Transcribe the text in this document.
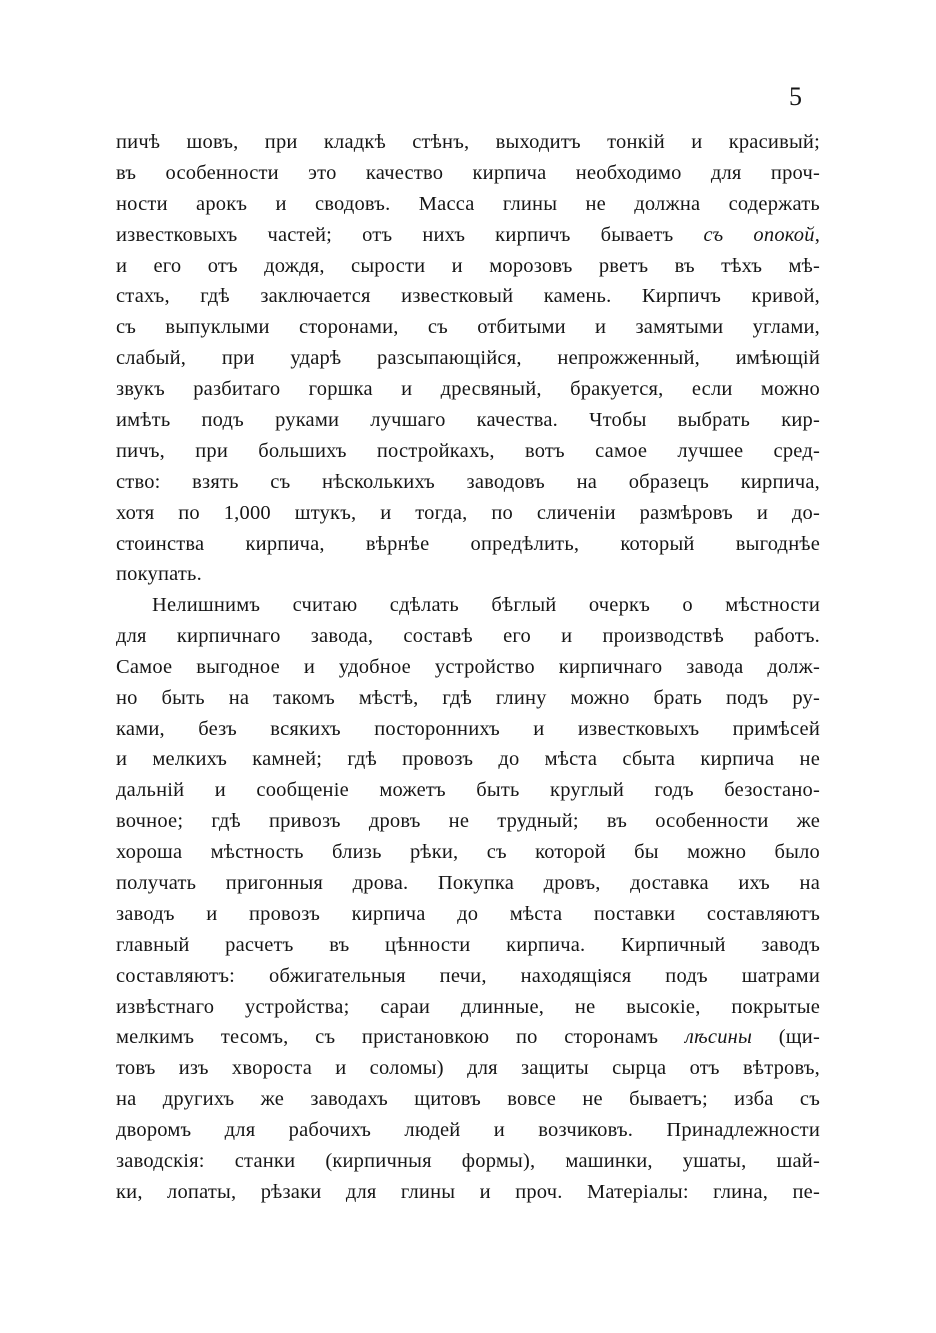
5
пичѣ шовъ, при кладкѣ стѣнъ, выходитъ тонкій и красивый;
въ особенности это качество кирпича необходимо для проч-
ности арокъ и сводовъ. Масса глины не должна содержать
известковыхъ частей; отъ нихъ кирпичъ бываетъ съ опокой,
и его отъ дождя, сырости и морозовъ рветъ въ тѣхъ мѣ-
стахъ, гдѣ заключается известковый камень. Кирпичъ кривой,
съ выпуклыми сторонами, съ отбитыми и замятыми углами,
слабый, при ударѣ разсыпающійся, непрожженный, имѣющій
звукъ разбитаго горшка и дресвяный, бракуется, если можно
имѣть подъ руками лучшаго качества. Чтобы выбрать кир-
пичъ, при большихъ постройкахъ, вотъ самое лучшее сред-
ство: взять съ нѣсколькихъ заводовъ на образецъ кирпича,
хотя по 1,000 штукъ, и тогда, по сличеніи размѣровъ и до-
стоинства кирпича, вѣрнѣе опредѣлить, который выгоднѣе
покупать.
Нелишнимъ считаю сдѣлать бѣглый очеркъ о мѣстности
для кирпичнаго завода, составѣ его и производствѣ работъ.
Самое выгодное и удобное устройство кирпичнаго завода долж-
но быть на такомъ мѣстѣ, гдѣ глину можно брать подъ ру-
ками, безъ всякихъ постороннихъ и известковыхъ примѣсей
и мелкихъ камней; гдѣ провозъ до мѣста сбыта кирпича не
дальній и сообщеніе можетъ быть круглый годъ безостано-
вочное; гдѣ привозъ дровъ не трудный; въ особенности же
хороша мѣстность близь рѣки, съ которой бы можно было
получать пригонныя дрова. Покупка дровъ, доставка ихъ на
заводъ и провозъ кирпича до мѣста поставки составляютъ
главный расчетъ въ цѣнности кирпича. Кирпичный заводъ
составляютъ: обжигательныя печи, находящіяся подъ шатрами
извѣстнаго устройства; сараи длинные, не высокіе, покрытые
мелкимъ тесомъ, съ пристановкою по сторонамъ лѣсины (щи-
товъ изъ хвороста и соломы) для защиты сырца отъ вѣтровъ,
на другихъ же заводахъ щитовъ вовсе не бываетъ; изба съ
дворомъ для рабочихъ людей и возчиковъ. Принадлежности
заводскія: станки (кирпичныя формы), машинки, ушаты, шай-
ки, лопаты, рѣзаки для глины и проч. Матеріалы: глина, пе-
